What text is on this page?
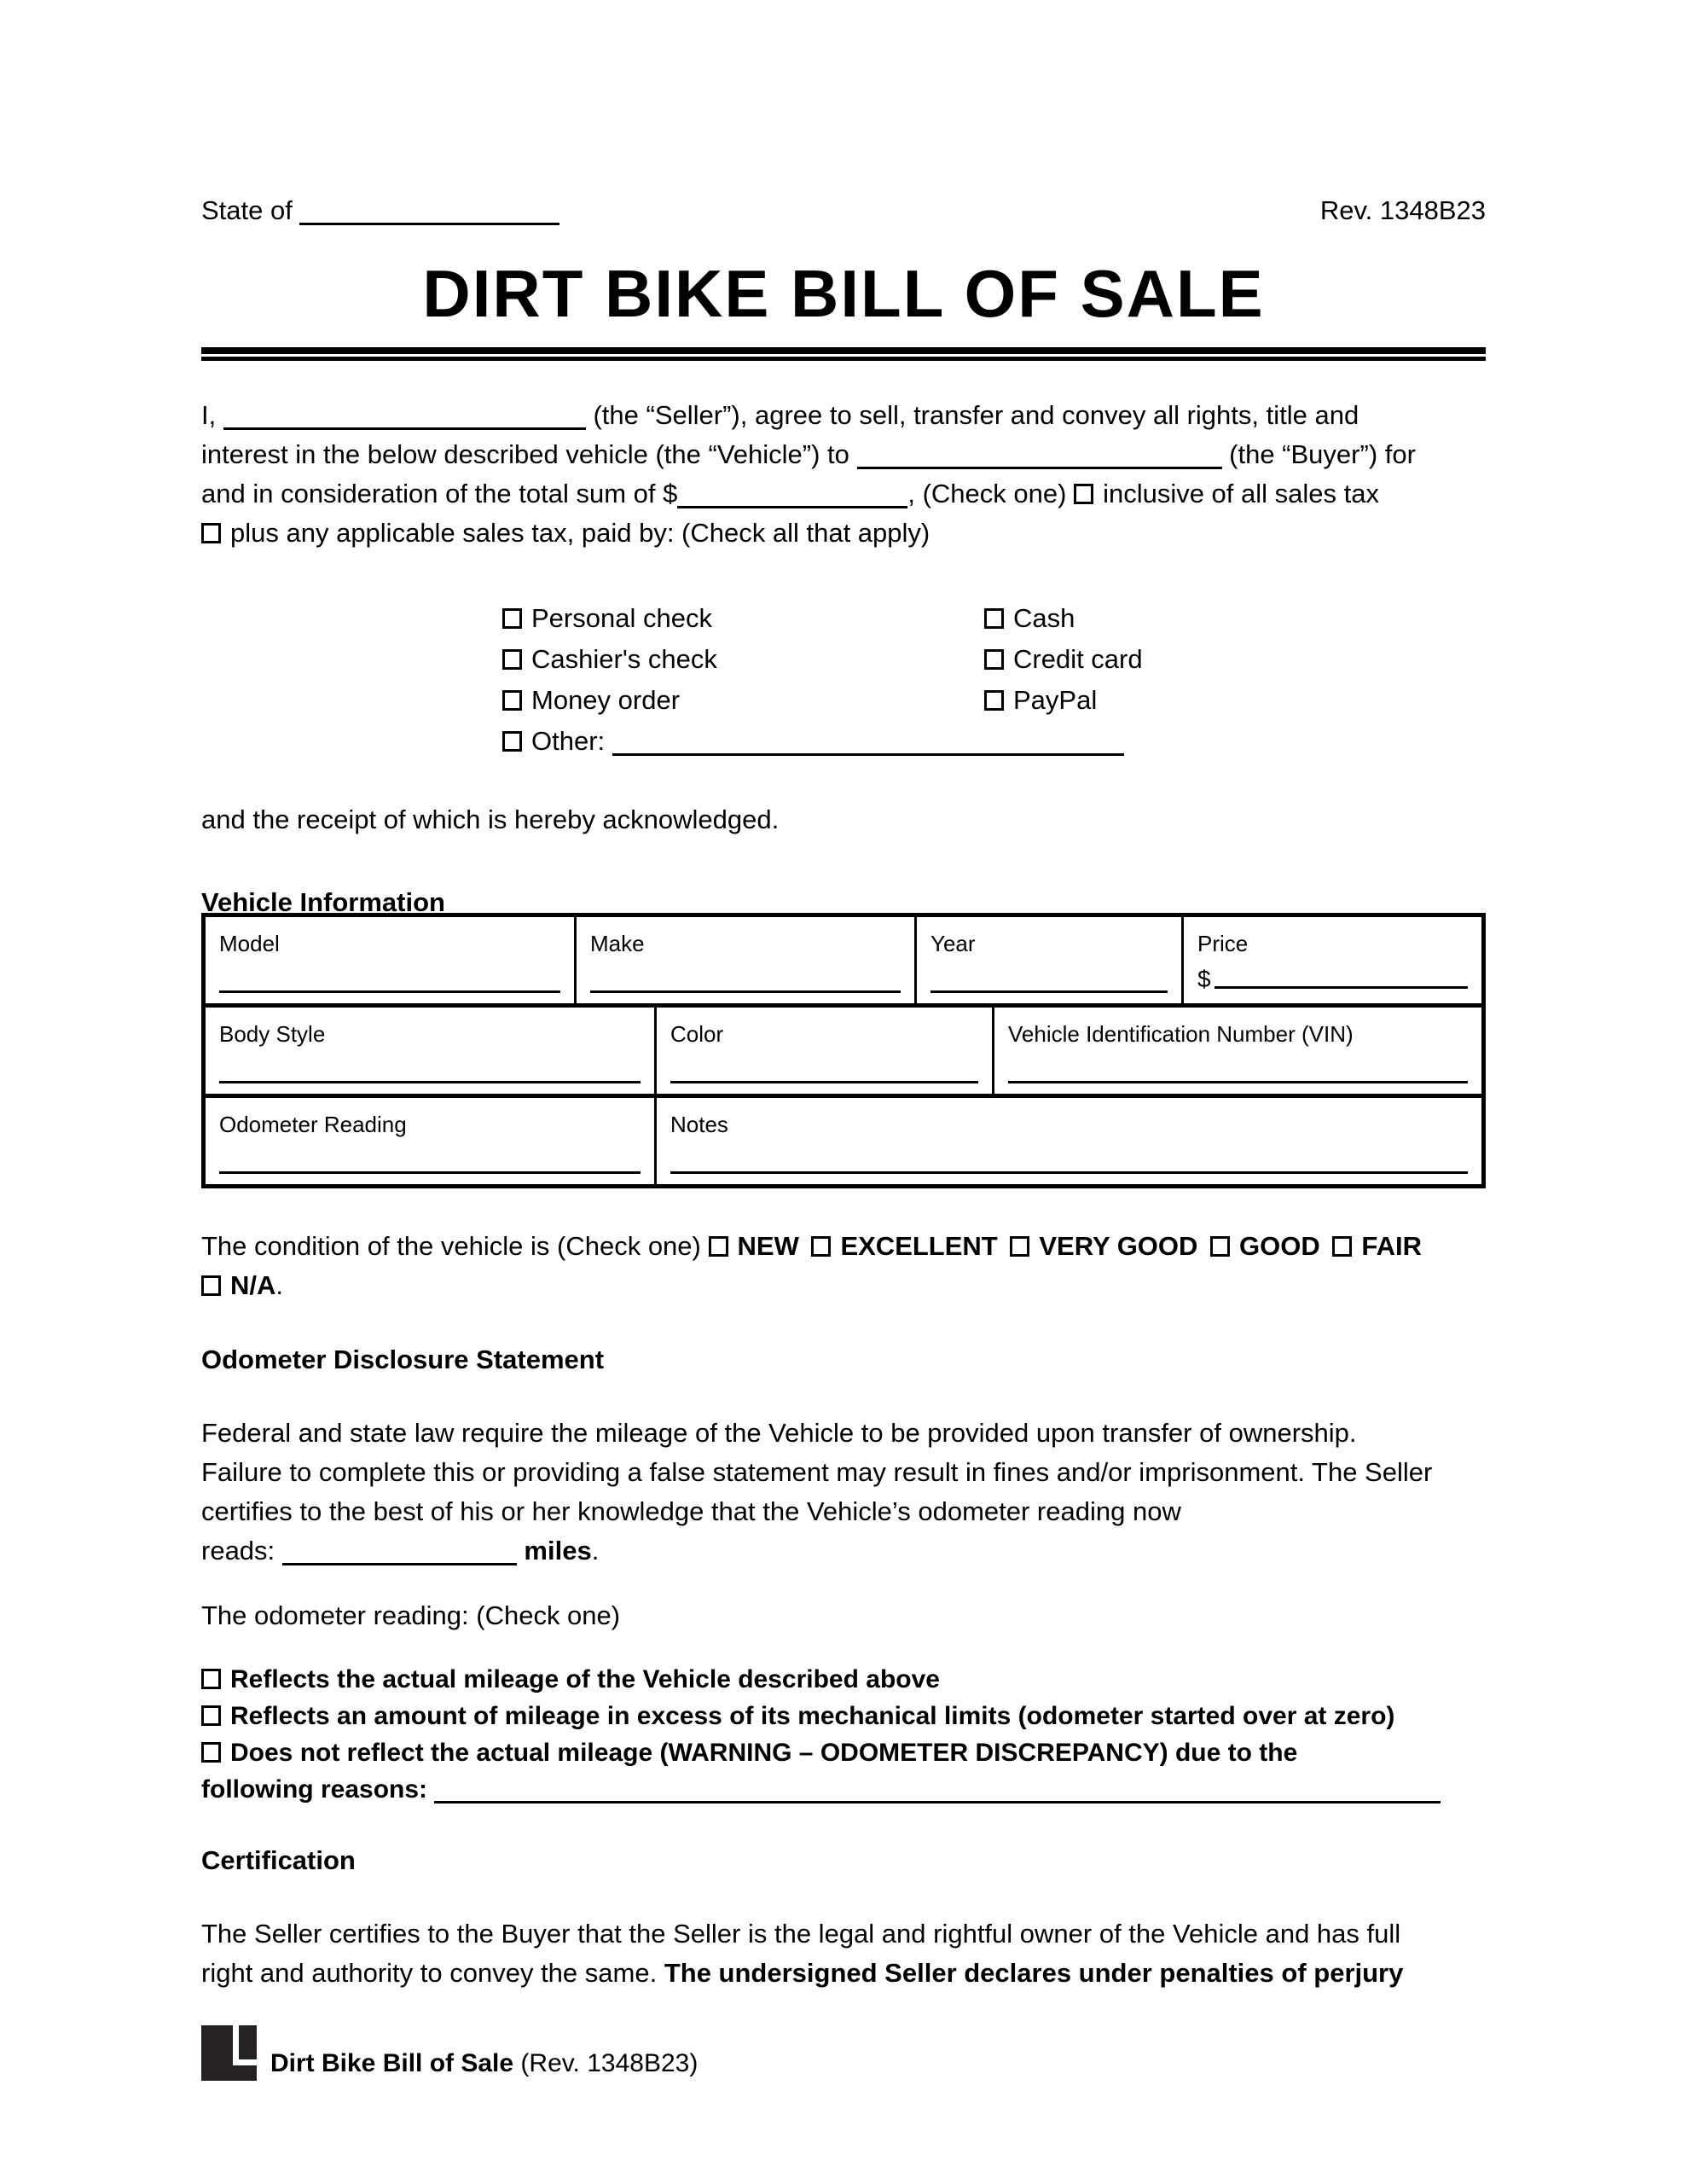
State of	Rev. 1348B23
DIRT BIKE BILL OF SALE
I,	(the “Seller”), agree to sell, transfer and convey all rights, title and
interest in the below described vehicle (the “Vehicle”) to	(the “Buyer”) for
and in consideration of the total sum of $	, (Check one) inclusive of all sales tax
plus any applicable sales tax, paid by: (Check all that apply)
Personal check	Cash
Cashier's check	Credit card
Money order	PayPal
Other:
and the receipt of which is hereby acknowledged.
Vehicle Information
Model	Make	Year	Price
$
Body Style	Color	Vehicle Identification Number (VIN)
Odometer Reading	Notes
The condition of the vehicle is (Check one) NEW EXCELLENT VERY GOOD GOOD FAIR
N/A.
Odometer Disclosure Statement
Federal and state law require the mileage of the Vehicle to be provided upon transfer of ownership.
Failure to complete this or providing a false statement may result in fines and/or imprisonment. The Seller
certifies to the best of his or her knowledge that the Vehicle’s odometer reading now
reads:	miles.
The odometer reading: (Check one)
Reflects the actual mileage of the Vehicle described above
Reflects an amount of mileage in excess of its mechanical limits (odometer started over at zero)
Does not reflect the actual mileage (WARNING – ODOMETER DISCREPANCY) due to the
following reasons:
Certification
The Seller certifies to the Buyer that the Seller is the legal and rightful owner of the Vehicle and has full
right and authority to convey the same. The undersigned Seller declares under penalties of perjury
Dirt Bike Bill of Sale (Rev. 1348B23)
